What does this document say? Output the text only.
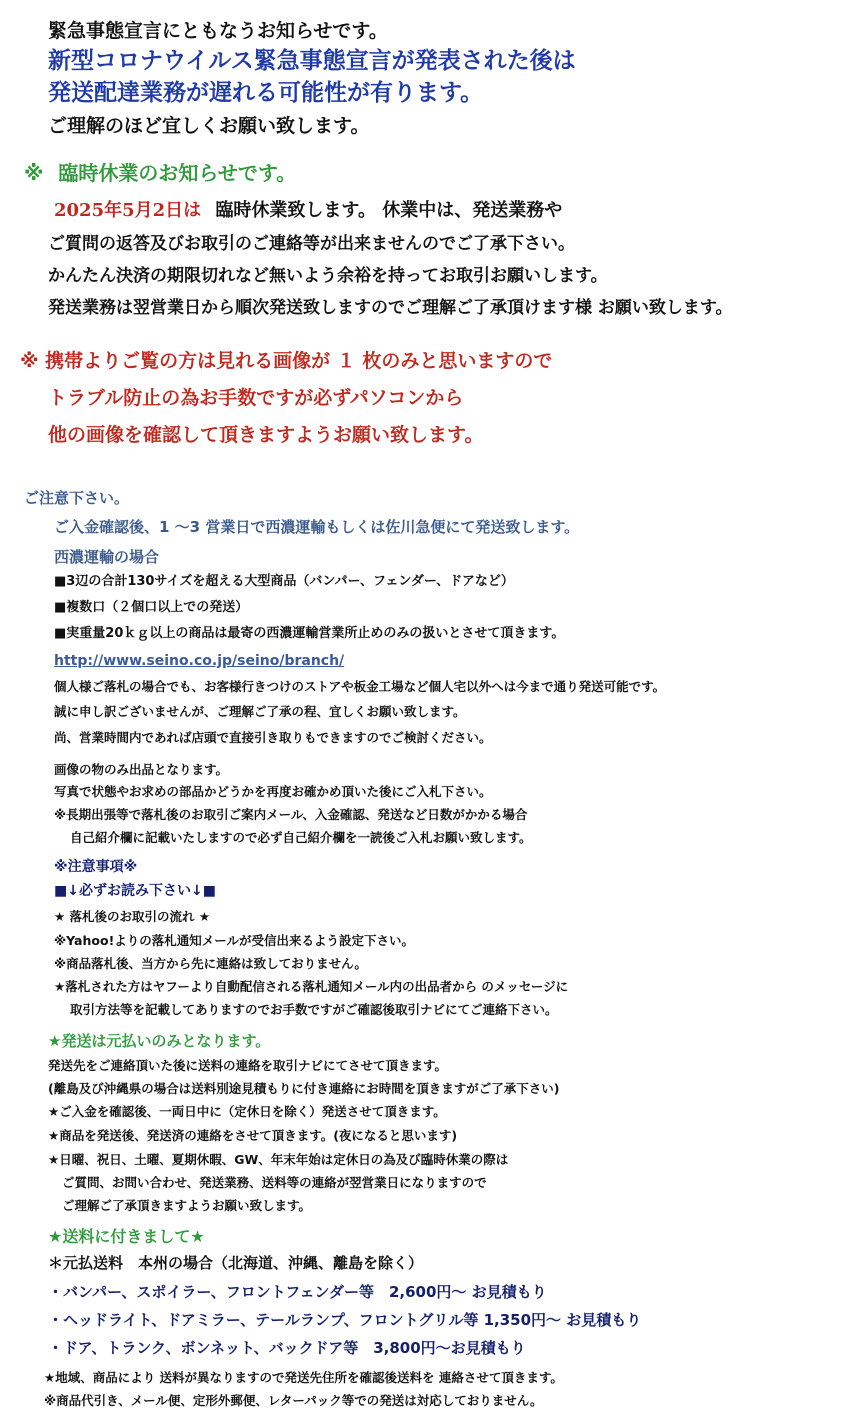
緊急事態宣言にともなうお知らせです。
新型コロナウイルス緊急事態宣言が発表された後は
発送配達業務が遅れる可能性が有ります。
ご理解のほど宜しくお願い致します。
※ 臨時休業のお知らせです。
2025年5月2日は 臨時休業致します。 休業中は、発送業務や
ご質問の返答及びお取引のご連絡等が出来ませんのでご了承下さい。
かんたん決済の期限切れなど無いよう余裕を持ってお取引お願いします。
発送業務は翌営業日から順次発送致しますのでご理解ご了承頂けます様 お願い致します。
※ 携帯よりご覧の方は見れる画像が １ 枚のみと思いますので
トラブル防止の為お手数ですが必ずパソコンから
他の画像を確認して頂きますようお願い致します。
ご注意下さい。
ご入金確認後、1 ～3 営業日で西濃運輸もしくは佐川急便にて発送致します。
西濃運輸の場合
■3辺の合計130サイズを超える大型商品（バンパー、フェンダー、ドアなど）
■複数口（２個口以上での発送）
■実重量20ｋｇ以上の商品は最寄の西濃運輸営業所止めのみの扱いとさせて頂きます。
http://www.seino.co.jp/seino/branch/
個人様ご落札の場合でも、お客様行きつけのストアや板金工場など個人宅以外へは今まで通り発送可能です。
誠に申し訳ございませんが、ご理解ご了承の程、宜しくお願い致します。
尚、営業時間内であれば店頭で直接引き取りもできますのでご検討ください。
画像の物のみ出品となります。
写真で状態やお求めの部品かどうかを再度お確かめ頂いた後にご入札下さい。
※長期出張等で落札後のお取引ご案内メール、入金確認、発送など日数がかかる場合
自己紹介欄に記載いたしますので必ず自己紹介欄を一読後ご入札お願い致します。
※注意事項※
■↓必ずお読み下さい↓■
★ 落札後のお取引の流れ ★
※Yahoo!よりの落札通知メールが受信出来るよう設定下さい。
※商品落札後、当方から先に連絡は致しておりません。
★落札された方はヤフーより自動配信される落札通知メール内の出品者から のメッセージに
取引方法等を記載してありますのでお手数ですがご確認後取引ナビにてご連絡下さい。
★発送は元払いのみとなります。
発送先をご連絡頂いた後に送料の連絡を取引ナビにてさせて頂きます。
(離島及び沖縄県の場合は送料別途見積もりに付き連絡にお時間を頂きますがご了承下さい)
★ご入金を確認後、一両日中に（定休日を除く）発送させて頂きます。
★商品を発送後、発送済の連絡をさせて頂きます。(夜になると思います)
★日曜、祝日、土曜、夏期休暇、GW、年末年始は定休日の為及び臨時休業の際は
ご質問、お問い合わせ、発送業務、送料等の連絡が翌営業日になりますので
ご理解ご了承頂きますようお願い致します。
★送料に付きまして★
＊元払送料　本州の場合（北海道、沖縄、離島を除く）
・バンパー、スポイラー、フロントフェンダー等　2,600円～ お見積もり
・ヘッドライト、ドアミラー、テールランプ、フロントグリル等 1,350円～ お見積もり
・ドア、トランク、ボンネット、バックドア等　3,800円～お見積もり
★地域、商品により 送料が異なりますので発送先住所を確認後送料を 連絡させて頂きます。
※商品代引き、メール便、定形外郵便、レターパック等での発送は対応しておりません。
